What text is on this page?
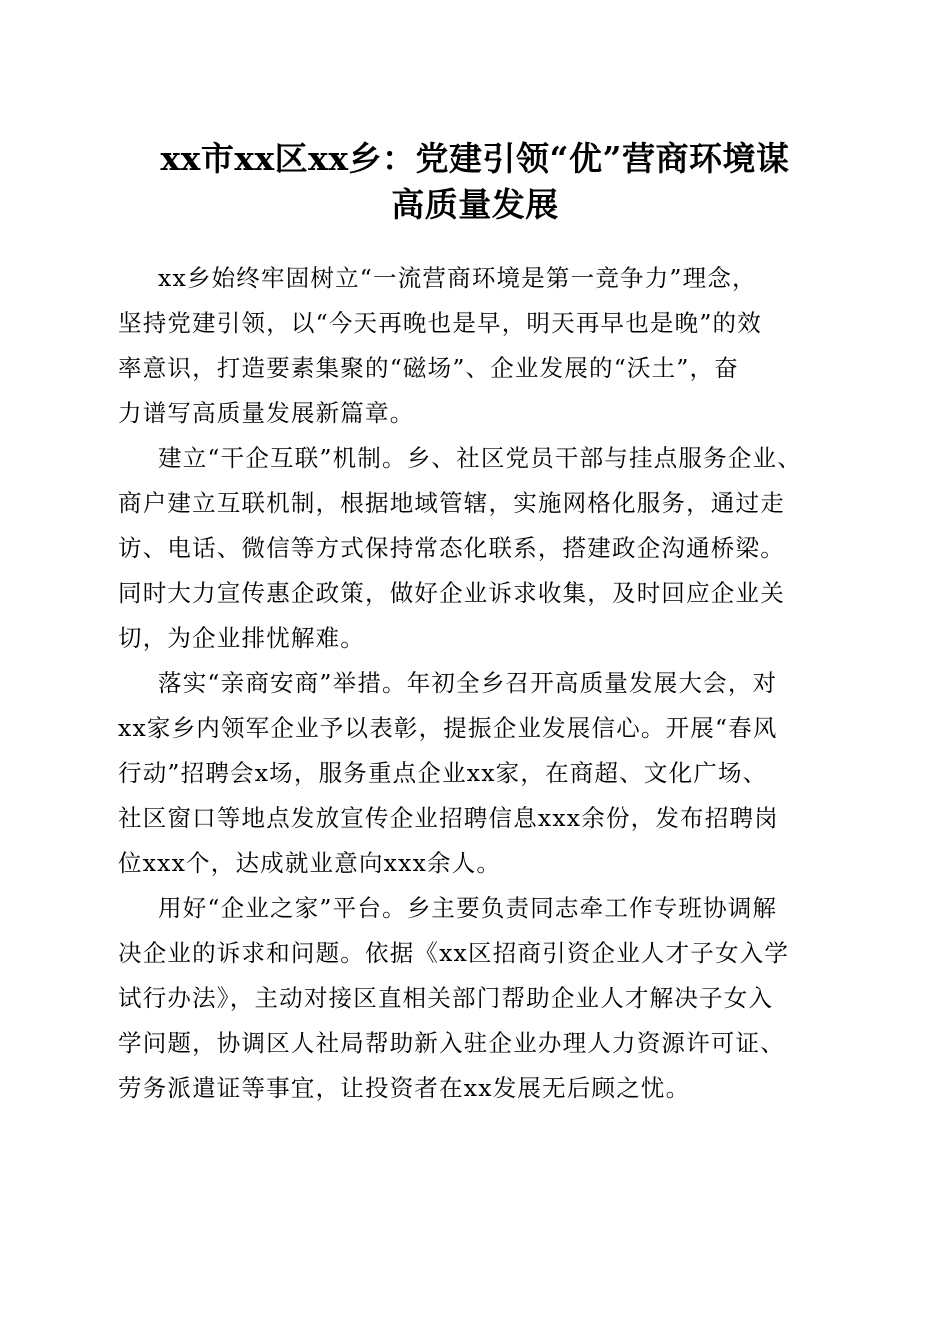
xx市xx区xx乡：党建引领“优”营商环境谋
高质量发展
xx乡始终牢固树立“一流营商环境是第一竞争力”理念，
坚持党建引领，以“今天再晚也是早，明天再早也是晚”的效
率意识，打造要素集聚的“磁场”、企业发展的“沃土”，奋
力谱写高质量发展新篇章。
建立“干企互联”机制。乡、社区党员干部与挂点服务企业、
商户建立互联机制，根据地域管辖，实施网格化服务，通过走
访、电话、微信等方式保持常态化联系，搭建政企沟通桥梁。
同时大力宣传惠企政策，做好企业诉求收集，及时回应企业关
切，为企业排忧解难。
落实“亲商安商”举措。年初全乡召开高质量发展大会，对
xx家乡内领军企业予以表彰，提振企业发展信心。开展“春风
行动”招聘会x场，服务重点企业xx家，在商超、文化广场、
社区窗口等地点发放宣传企业招聘信息xxx余份，发布招聘岗
位xxx个，达成就业意向xxx余人。
用好“企业之家”平台。乡主要负责同志牵工作专班协调解
决企业的诉求和问题。依据《xx区招商引资企业人才子女入学
试行办法》，主动对接区直相关部门帮助企业人才解决子女入
学问题，协调区人社局帮助新入驻企业办理人力资源许可证、
劳务派遣证等事宜，让投资者在xx发展无后顾之忧。
